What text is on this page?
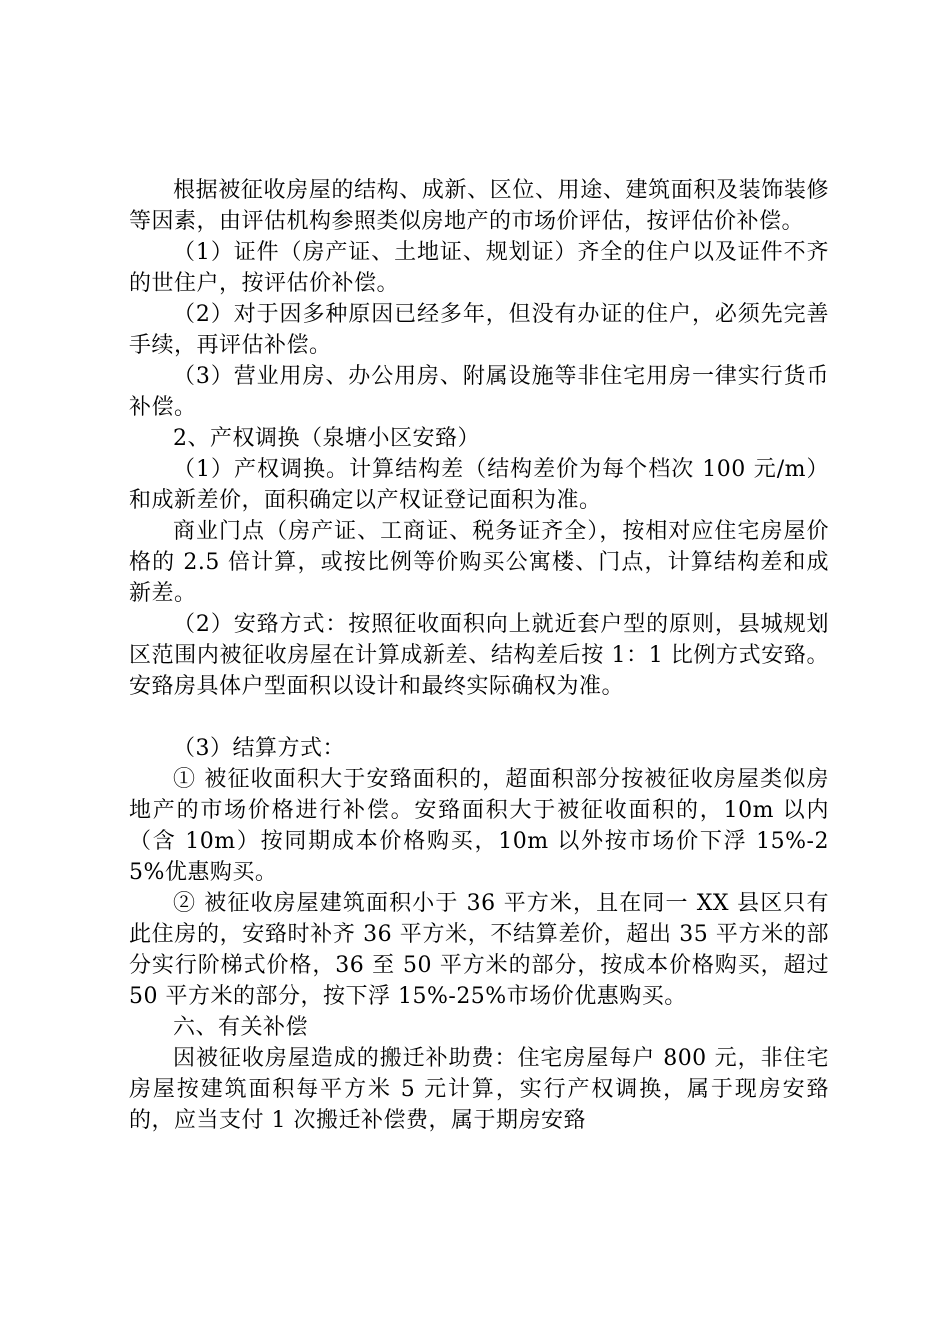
根据被征收房屋的结构、成新、区位、用途、建筑面积及装饰装修等因素，由评估机构参照类似房地产的市场价评估，按评估价补偿。

（1）证件（房产证、土地证、规划证）齐全的住户以及证件不齐的世住户，按评估价补偿。

（2）对于因多种原因已经多年，但没有办证的住户，必须先完善手续，再评估补偿。

（3）营业用房、办公用房、附属设施等非住宅用房一律实行货币补偿。

2、产权调换（泉塘小区安臵）

（1）产权调换。计算结构差（结构差价为每个档次 100 元/m）和成新差价，面积确定以产权证登记面积为准。

商业门点（房产证、工商证、税务证齐全），按相对应住宅房屋价格的 2.5 倍计算，或按比例等价购买公寓楼、门点，计算结构差和成新差。

（2）安臵方式：按照征收面积向上就近套户型的原则，县城规划区范围内被征收房屋在计算成新差、结构差后按 1：1 比例方式安臵。安臵房具体户型面积以设计和最终实际确权为准。

（3）结算方式：

① 被征收面积大于安臵面积的，超面积部分按被征收房屋类似房地产的市场价格进行补偿。安臵面积大于被征收面积的，10m 以内（含 10m）按同期成本价格购买，10m 以外按市场价下浮 15%-25%优惠购买。

② 被征收房屋建筑面积小于 36 平方米，且在同一 XX 县区只有此住房的，安臵时补齐 36 平方米，不结算差价，超出 35 平方米的部分实行阶梯式价格，36 至 50 平方米的部分，按成本价格购买，超过 50 平方米的部分，按下浮 15%-25%市场价优惠购买。

六、有关补偿

因被征收房屋造成的搬迁补助费：住宅房屋每户 800 元，非住宅房屋按建筑面积每平方米 5 元计算，实行产权调换，属于现房安臵的，应当支付 1 次搬迁补偿费，属于期房安臵
